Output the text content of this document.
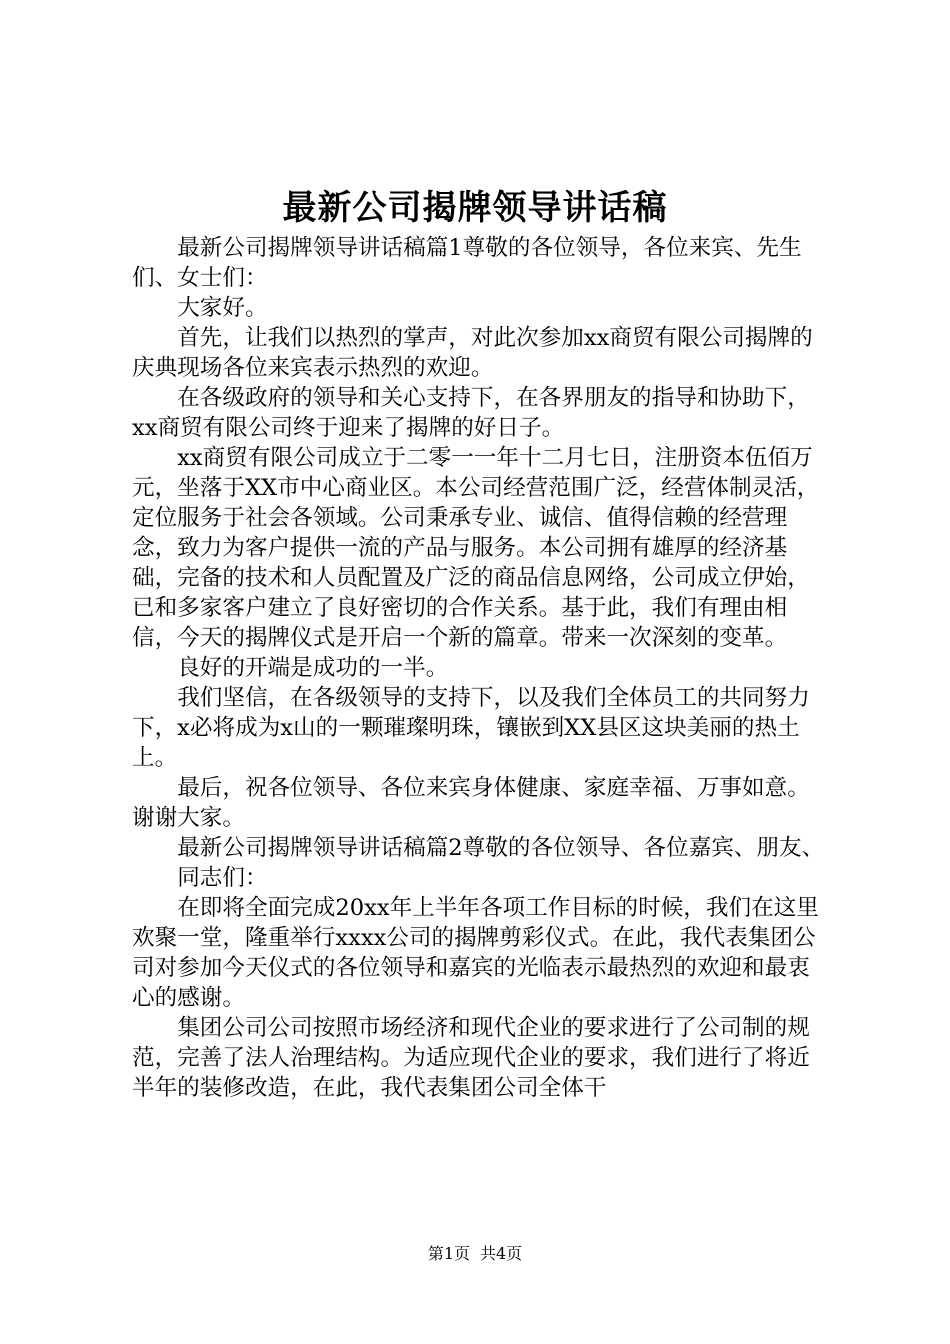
最新公司揭牌领导讲话稿

最新公司揭牌领导讲话稿篇1尊敬的各位领导，各位来宾、先生们、女士们：

大家好。

首先，让我们以热烈的掌声，对此次参加xx商贸有限公司揭牌的庆典现场各位来宾表示热烈的欢迎。

在各级政府的领导和关心支持下，在各界朋友的指导和协助下，xx商贸有限公司终于迎来了揭牌的好日子。

xx商贸有限公司成立于二零一一年十二月七日，注册资本伍佰万元，坐落于XX市中心商业区。本公司经营范围广泛，经营体制灵活，定位服务于社会各领域。公司秉承专业、诚信、值得信赖的经营理念，致力为客户提供一流的产品与服务。本公司拥有雄厚的经济基础，完备的技术和人员配置及广泛的商品信息网络，公司成立伊始，已和多家客户建立了良好密切的合作关系。基于此，我们有理由相信，今天的揭牌仪式是开启一个新的篇章。带来一次深刻的变革。

良好的开端是成功的一半。

我们坚信，在各级领导的支持下，以及我们全体员工的共同努力下，x必将成为x山的一颗璀璨明珠，镶嵌到XX县区这块美丽的热土上。

最后，祝各位领导、各位来宾身体健康、家庭幸福、万事如意。谢谢大家。

最新公司揭牌领导讲话稿篇2尊敬的各位领导、各位嘉宾、朋友、

同志们：

在即将全面完成20xx年上半年各项工作目标的时候，我们在这里欢聚一堂，隆重举行xxxx公司的揭牌剪彩仪式。在此，我代表集团公司对参加今天仪式的各位领导和嘉宾的光临表示最热烈的欢迎和最衷心的感谢。

集团公司公司按照市场经济和现代企业的要求进行了公司制的规范，完善了法人治理结构。为适应现代企业的要求，我们进行了将近半年的装修改造，在此，我代表集团公司全体干

第1页 共4页
